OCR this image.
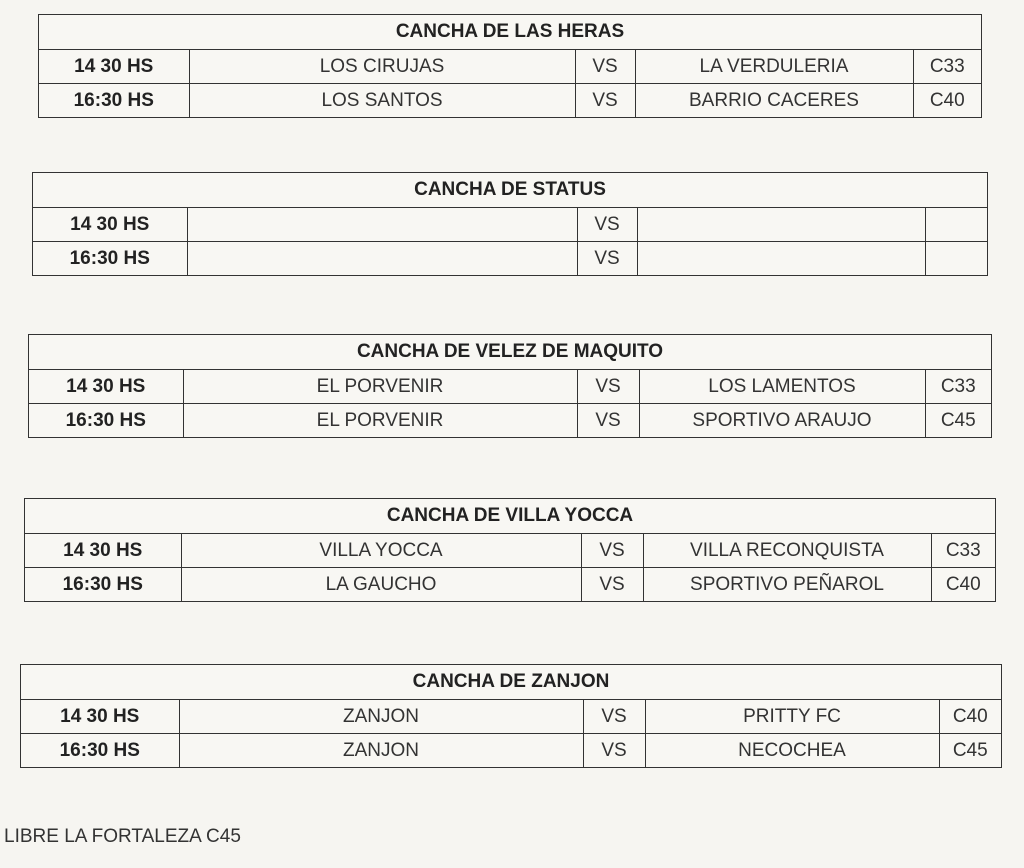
CANCHA DE LAS HERAS
14 30 HS	LOS CIRUJAS	VS	LA VERDULERIA	C33
16:30 HS	LOS SANTOS	VS	BARRIO CACERES	C40
CANCHA DE STATUS
14 30 HS		VS		
16:30 HS		VS		
CANCHA DE VELEZ DE MAQUITO
14 30 HS	EL PORVENIR	VS	LOS LAMENTOS	C33
16:30 HS	EL PORVENIR	VS	SPORTIVO ARAUJO	C45
CANCHA DE VILLA YOCCA
14 30 HS	VILLA YOCCA	VS	VILLA RECONQUISTA	C33
16:30 HS	LA GAUCHO	VS	SPORTIVO PEÑAROL	C40
CANCHA DE ZANJON
14 30 HS	ZANJON	VS	PRITTY FC	C40
16:30 HS	ZANJON	VS	NECOCHEA	C45
LIBRE LA FORTALEZA C45
